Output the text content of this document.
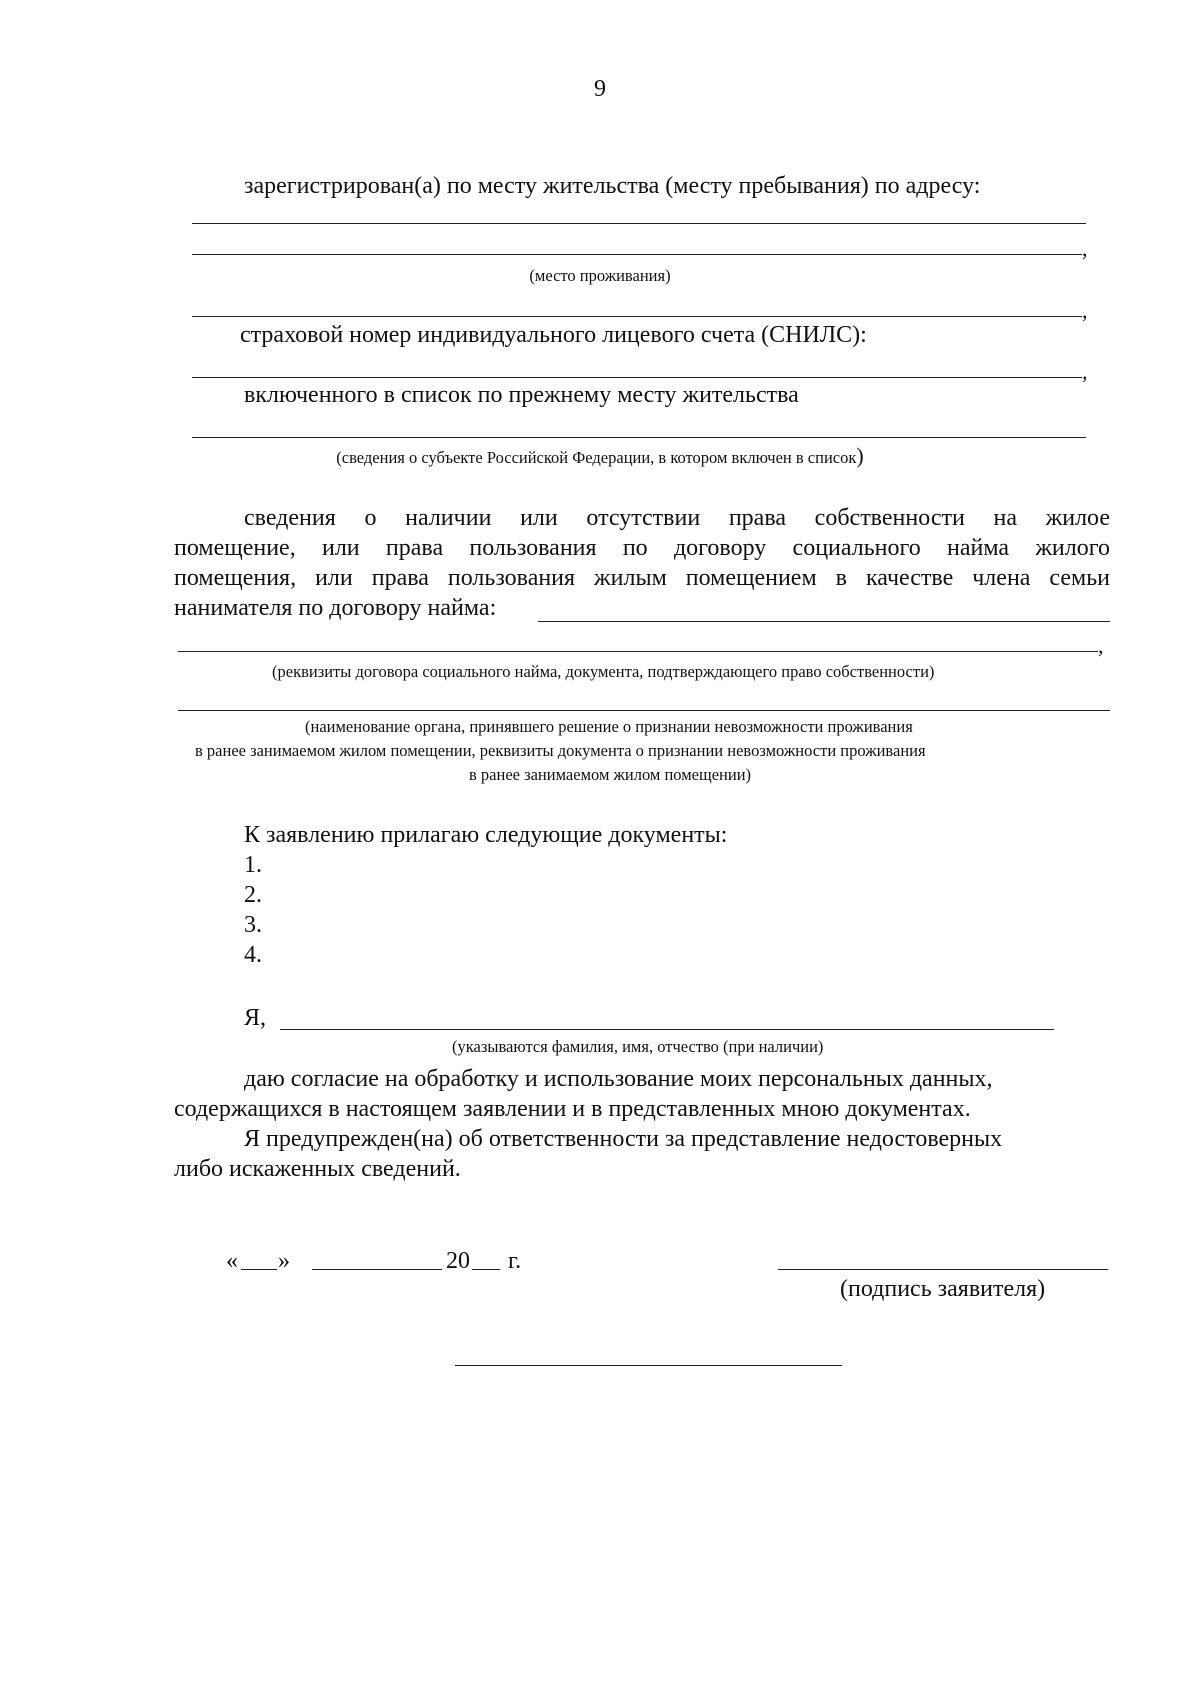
9
зарегистрирован(а) по месту жительства (месту пребывания) по адресу:
,
(место проживания)
,
страховой номер индивидуального лицевого счета (СНИЛС):
,
включенного в список по прежнему месту жительства
(сведения о субъекте Российской Федерации, в котором включен в список)
сведения о наличии или отсутствии права собственности на жилое
помещение, или права пользования по договору социального найма жилого
помещения, или права пользования жилым помещением в качестве члена семьи
нанимателя по договору найма:
,
(реквизиты договора социального найма, документа, подтверждающего право собственности)
(наименование органа, принявшего решение о признании невозможности проживания
в ранее занимаемом жилом помещении, реквизиты документа о признании невозможности проживания
в ранее занимаемом жилом помещении)
К заявлению прилагаю следующие документы:
1.
2.
3.
4.
Я,
(указываются фамилия, имя, отчество (при наличии)
даю согласие на обработку и использование моих персональных данных,
содержащихся в настоящем заявлении и в представленных мною документах.
Я предупрежден(на) об ответственности за представление недостоверных
либо искаженных сведений.
« »	20 г.
(подпись заявителя)
